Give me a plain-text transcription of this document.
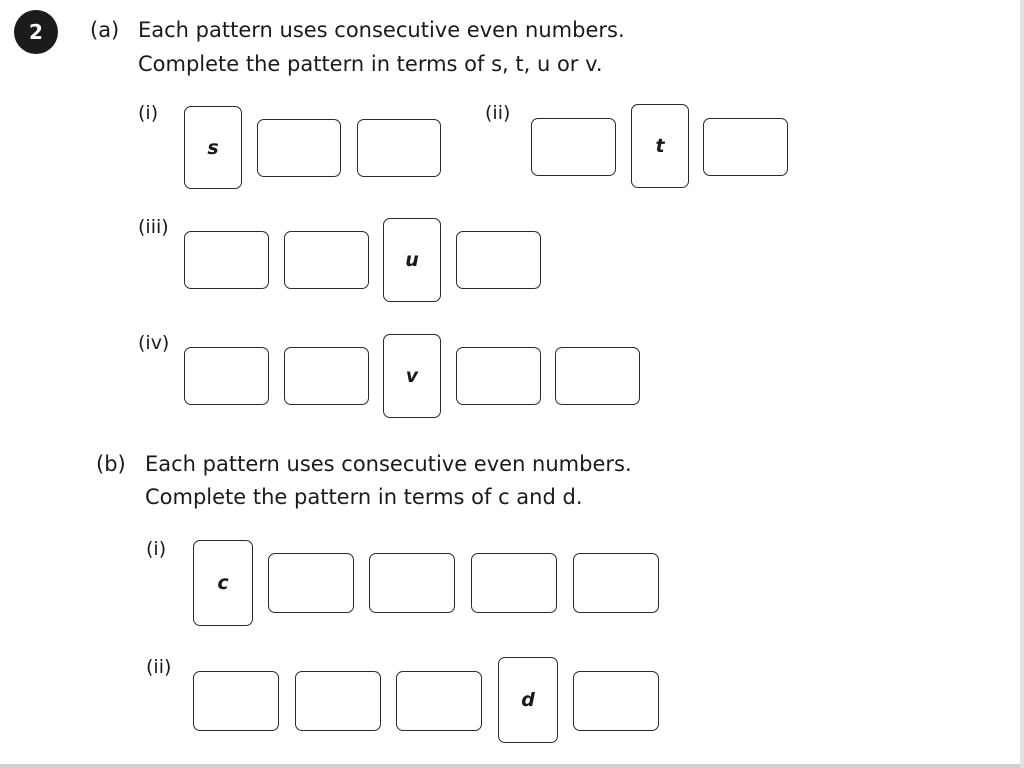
2 (a) Each pattern uses consecutive even numbers.
Complete the pattern in terms of s, t, u or v.
(i)
s
(ii)
t
(iii)
u
(iv)
v
(b) Each pattern uses consecutive even numbers.
Complete the pattern in terms of c and d.
(i)
c
(ii)
d
